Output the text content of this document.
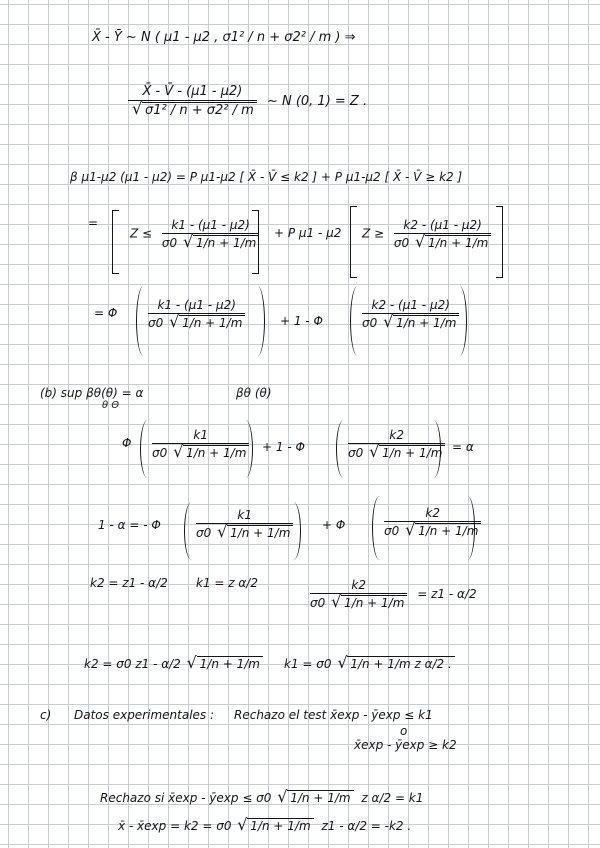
X̄ - Ȳ ~ N ( μ1 - μ2 , σ1² / n + σ2² / m ) ⇒
X̄ - V̄ - (μ1 - μ2)
√ σ1² / n + σ2² / m ~ N (0, 1) = Z .
β μ1-μ2 (μ1 - μ2) = P μ1-μ2 [ X̄ - V̄ ≤ k2 ] + P μ1-μ2 [ X̄ - V̄ ≥ k2 ]
=
$Z \le \frac{k1 - (\mu 1 - \mu 2)}{\sigma 0 √ 1/n + 1/m} + P$ μ1 - μ2 $Z \ge \frac{k2 - (\mu 1 - \mu 2)}{\sigma 0 √ 1/n + 1/m}$
= Φ	$\frac{k1 - (\mu 1 - \mu 2)}{\sigma 0 √ 1/n + 1/m}$	+ 1 - Φ	$\frac{k2 - (\mu 1 - \mu 2)}{\sigma 0 √ 1/n + 1/m}$
(b) sup βθ(θ) = α
θ Θ
βθ (θ)
Φ $\frac{k1}{\sigma 0 √ 1/n + 1/m} + 1 - \Phi$	$\frac{k2}{\sigma 0 √ 1/n + 1/m} = \alpha$
1 - α = - Φ	$\frac{k1}{\sigma 0 √ 1/n + 1/m} + \Phi$	$\frac{k2}{\sigma 0 √ 1/n + 1/m}$
k2 = z1 - α/2 k1 = z α/2	$\frac{k2}{\sigma 0 √ 1/n + 1/m} = z1 - \alpha/2$
k2 = σ0 z1 - α/2 √ 1/n + 1/m k1 = σ0 √ 1/n + 1/m z α/2 .
c) Datos experimentales : Rechazo el test x̄exp - ȳexp ≤ k1
o
x̄exp - ȳexp ≥ k2
Rechazo si x̄exp - ȳexp ≤ σ0 √ 1/n + 1/m z α/2 = k1
x̄ - x̄exp = k2 = σ0 √ 1/n + 1/m z1 - α/2 = -k2 .
